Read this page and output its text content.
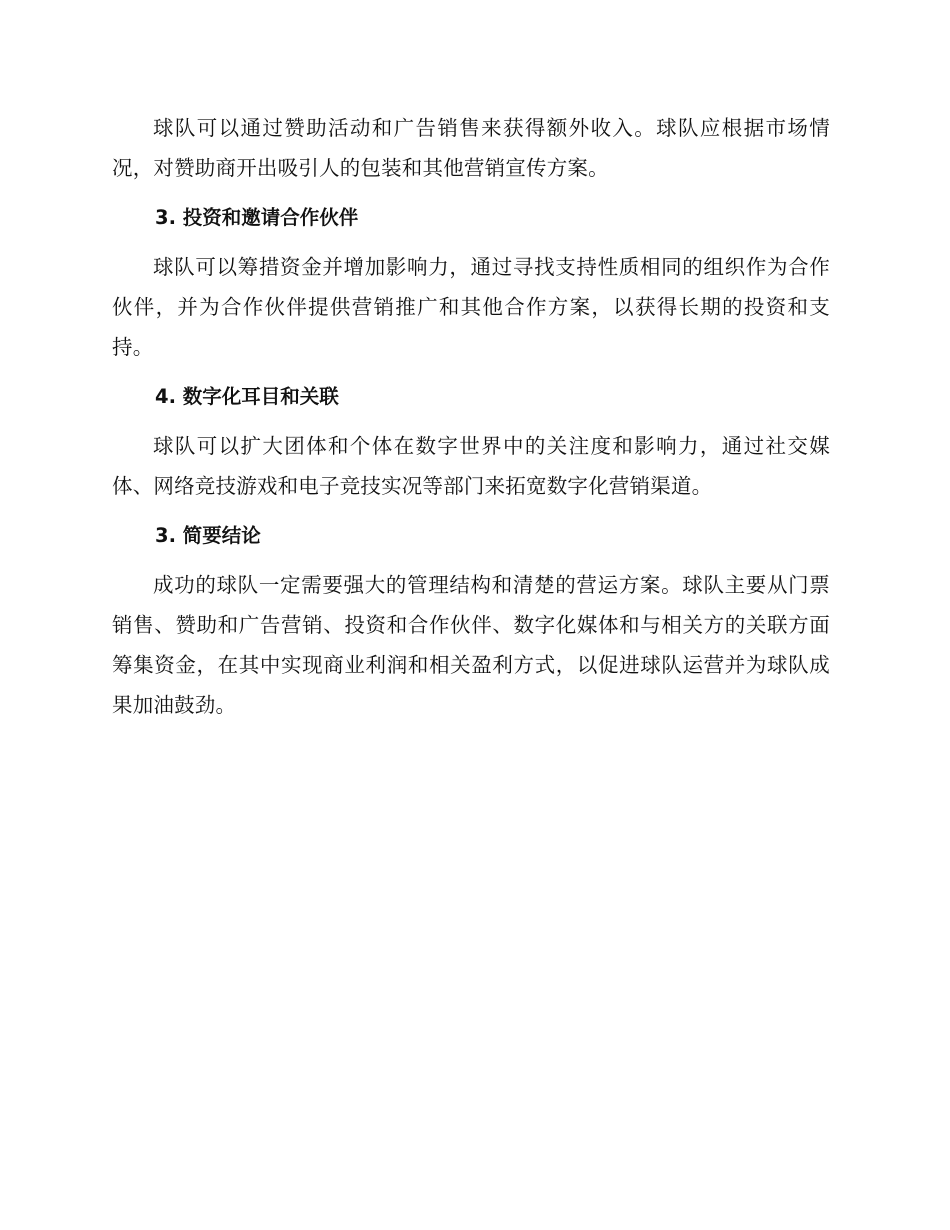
球队可以通过赞助活动和广告销售来获得额外收入。球队应根据市场情况，对赞助商开出吸引人的包装和其他营销宣传方案。

3. 投资和邀请合作伙伴

球队可以筹措资金并增加影响力，通过寻找支持性质相同的组织作为合作伙伴，并为合作伙伴提供营销推广和其他合作方案，以获得长期的投资和支持。

4. 数字化耳目和关联

球队可以扩大团体和个体在数字世界中的关注度和影响力，通过社交媒体、网络竞技游戏和电子竞技实况等部门来拓宽数字化营销渠道。

3. 简要结论

成功的球队一定需要强大的管理结构和清楚的营运方案。球队主要从门票销售、赞助和广告营销、投资和合作伙伴、数字化媒体和与相关方的关联方面筹集资金，在其中实现商业利润和相关盈利方式，以促进球队运营并为球队成果加油鼓劲。
